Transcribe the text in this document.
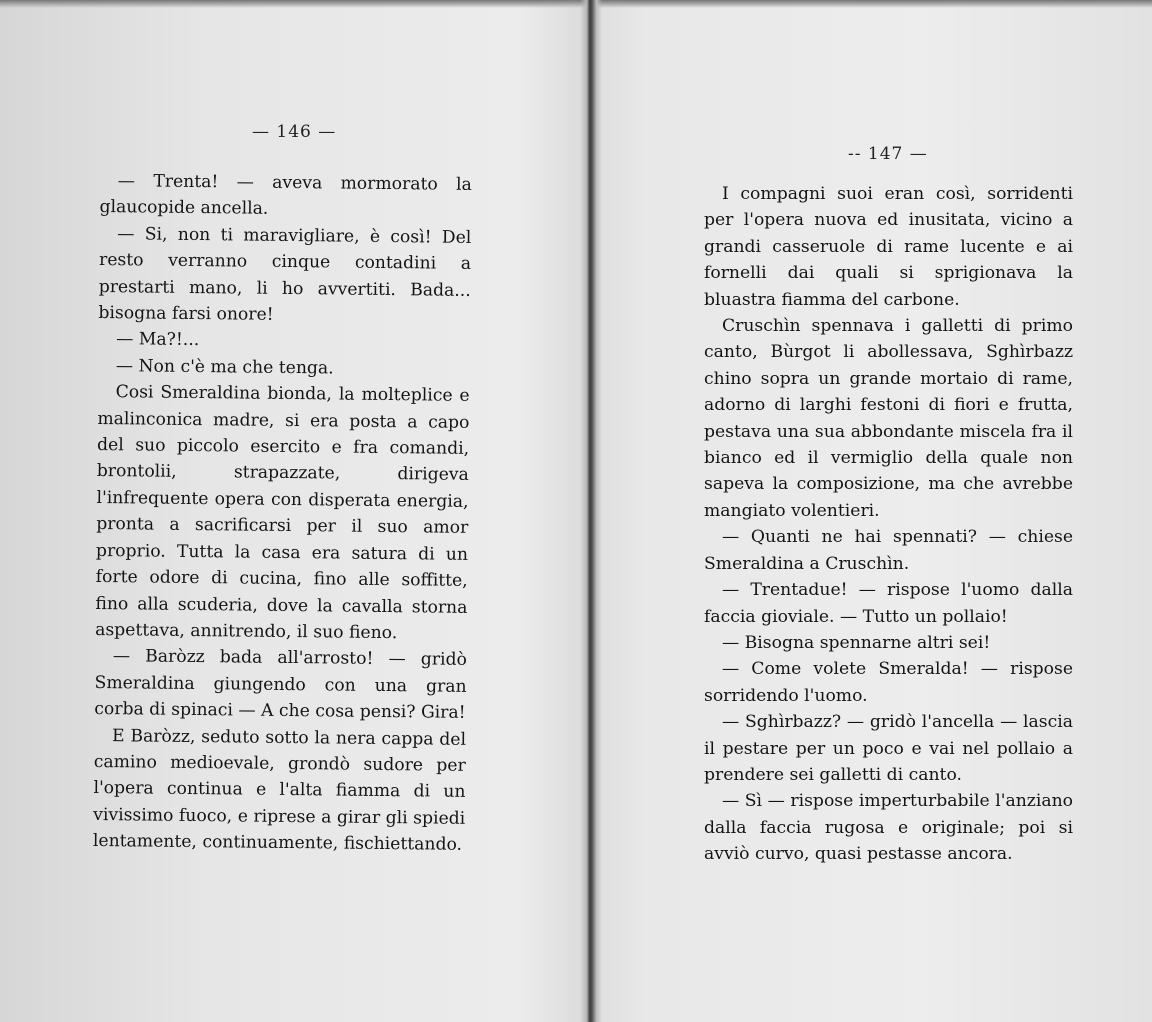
— 146 —

— Trenta! — aveva mormorato la glaucopide ancella.

— Si, non ti maravigliare, è così! Del resto verranno cinque contadini a prestarti mano, li ho avvertiti. Bada... bisogna farsi onore!

— Ma?!...

— Non c'è ma che tenga.

Cosi Smeraldina bionda, la molteplice e malinconica madre, si era posta a capo del suo piccolo esercito e fra comandi, brontolii, strapazzate, dirigeva l'infrequente opera con disperata energia, pronta a sacrificarsi per il suo amor proprio. Tutta la casa era satura di un forte odore di cucina, fino alle soffitte, fino alla scuderia, dove la cavalla storna aspettava, annitrendo, il suo fieno.

— Baròzz bada all'arrosto! — gridò Smeraldina giungendo con una gran corba di spinaci — A che cosa pensi? Gira!

E Baròzz, seduto sotto la nera cappa del camino medioevale, grondò sudore per l'opera continua e l'alta fiamma di un vivissimo fuoco, e riprese a girar gli spiedi lentamente, continuamente, fischiettando.

-- 147 —

I compagni suoi eran così, sorridenti per l'opera nuova ed inusitata, vicino a grandi casseruole di rame lucente e ai fornelli dai quali si sprigionava la bluastra fiamma del carbone.

Cruschìn spennava i galletti di primo canto, Bùrgot li abollessava, Sghìrbazz chino sopra un grande mortaio di rame, adorno di larghi festoni di fiori e frutta, pestava una sua abbondante miscela fra il bianco ed il vermiglio della quale non sapeva la composizione, ma che avrebbe mangiato volentieri.

— Quanti ne hai spennati? — chiese Smeraldina a Cruschìn.

— Trentadue! — rispose l'uomo dalla faccia gioviale. — Tutto un pollaio!

— Bisogna spennarne altri sei!

— Come volete Smeralda! — rispose sorridendo l'uomo.

— Sghìrbazz? — gridò l'ancella — lascia il pestare per un poco e vai nel pollaio a prendere sei galletti di canto.

— Sì — rispose imperturbabile l'anziano dalla faccia rugosa e originale; poi si avviò curvo, quasi pestasse ancora.
